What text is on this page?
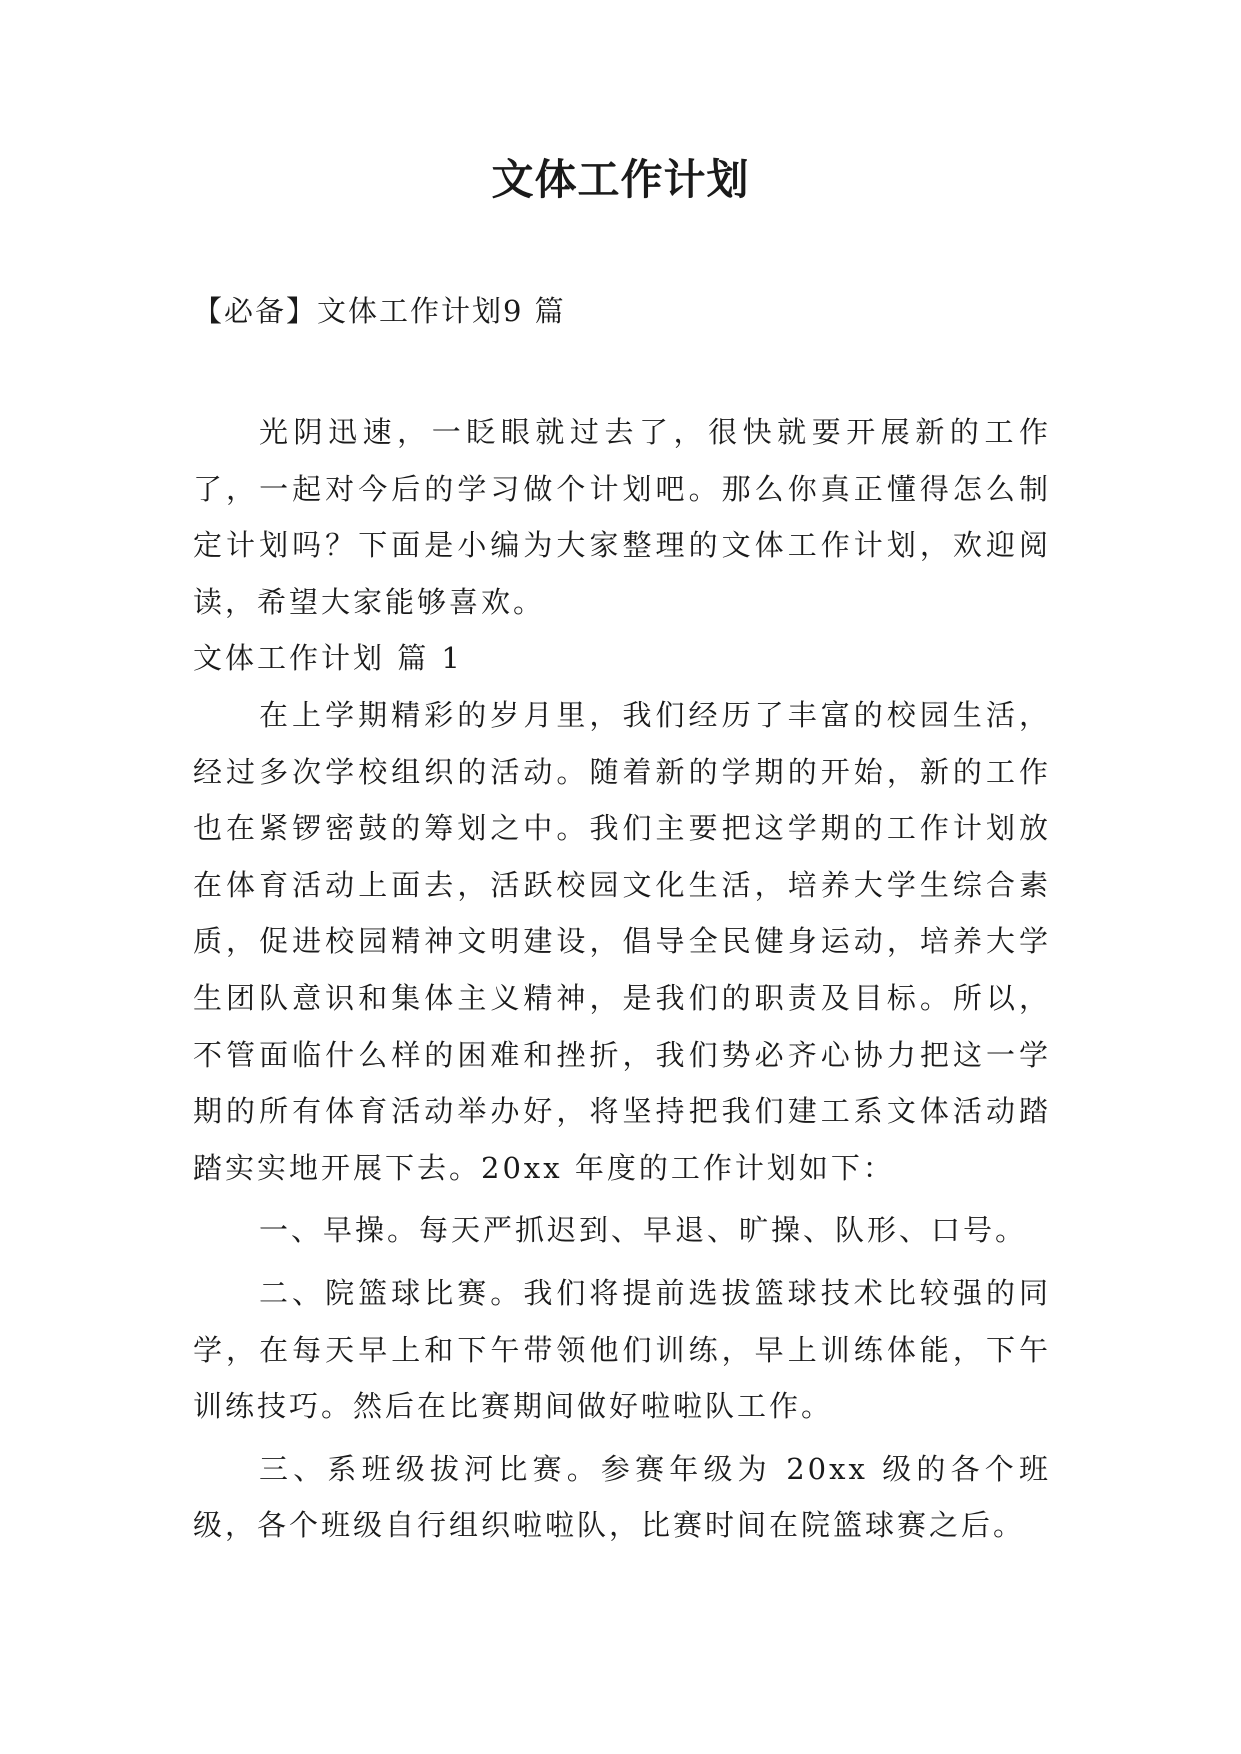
文体工作计划

【必备】文体工作计划9 篇

光阴迅速，一眨眼就过去了，很快就要开展新的工作了，一起对今后的学习做个计划吧。那么你真正懂得怎么制定计划吗？下面是小编为大家整理的文体工作计划，欢迎阅读，希望大家能够喜欢。

文体工作计划 篇 1

在上学期精彩的岁月里，我们经历了丰富的校园生活，经过多次学校组织的活动。随着新的学期的开始，新的工作也在紧锣密鼓的筹划之中。我们主要把这学期的工作计划放在体育活动上面去，活跃校园文化生活，培养大学生综合素质，促进校园精神文明建设，倡导全民健身运动，培养大学生团队意识和集体主义精神，是我们的职责及目标。所以，不管面临什么样的困难和挫折，我们势必齐心协力把这一学期的所有体育活动举办好，将坚持把我们建工系文体活动踏踏实实地开展下去。20xx 年度的工作计划如下：

一、早操。每天严抓迟到、早退、旷操、队形、口号。

二、院篮球比赛。我们将提前选拔篮球技术比较强的同学，在每天早上和下午带领他们训练，早上训练体能，下午训练技巧。然后在比赛期间做好啦啦队工作。

三、系班级拔河比赛。参赛年级为 20xx 级的各个班级，各个班级自行组织啦啦队，比赛时间在院篮球赛之后。
